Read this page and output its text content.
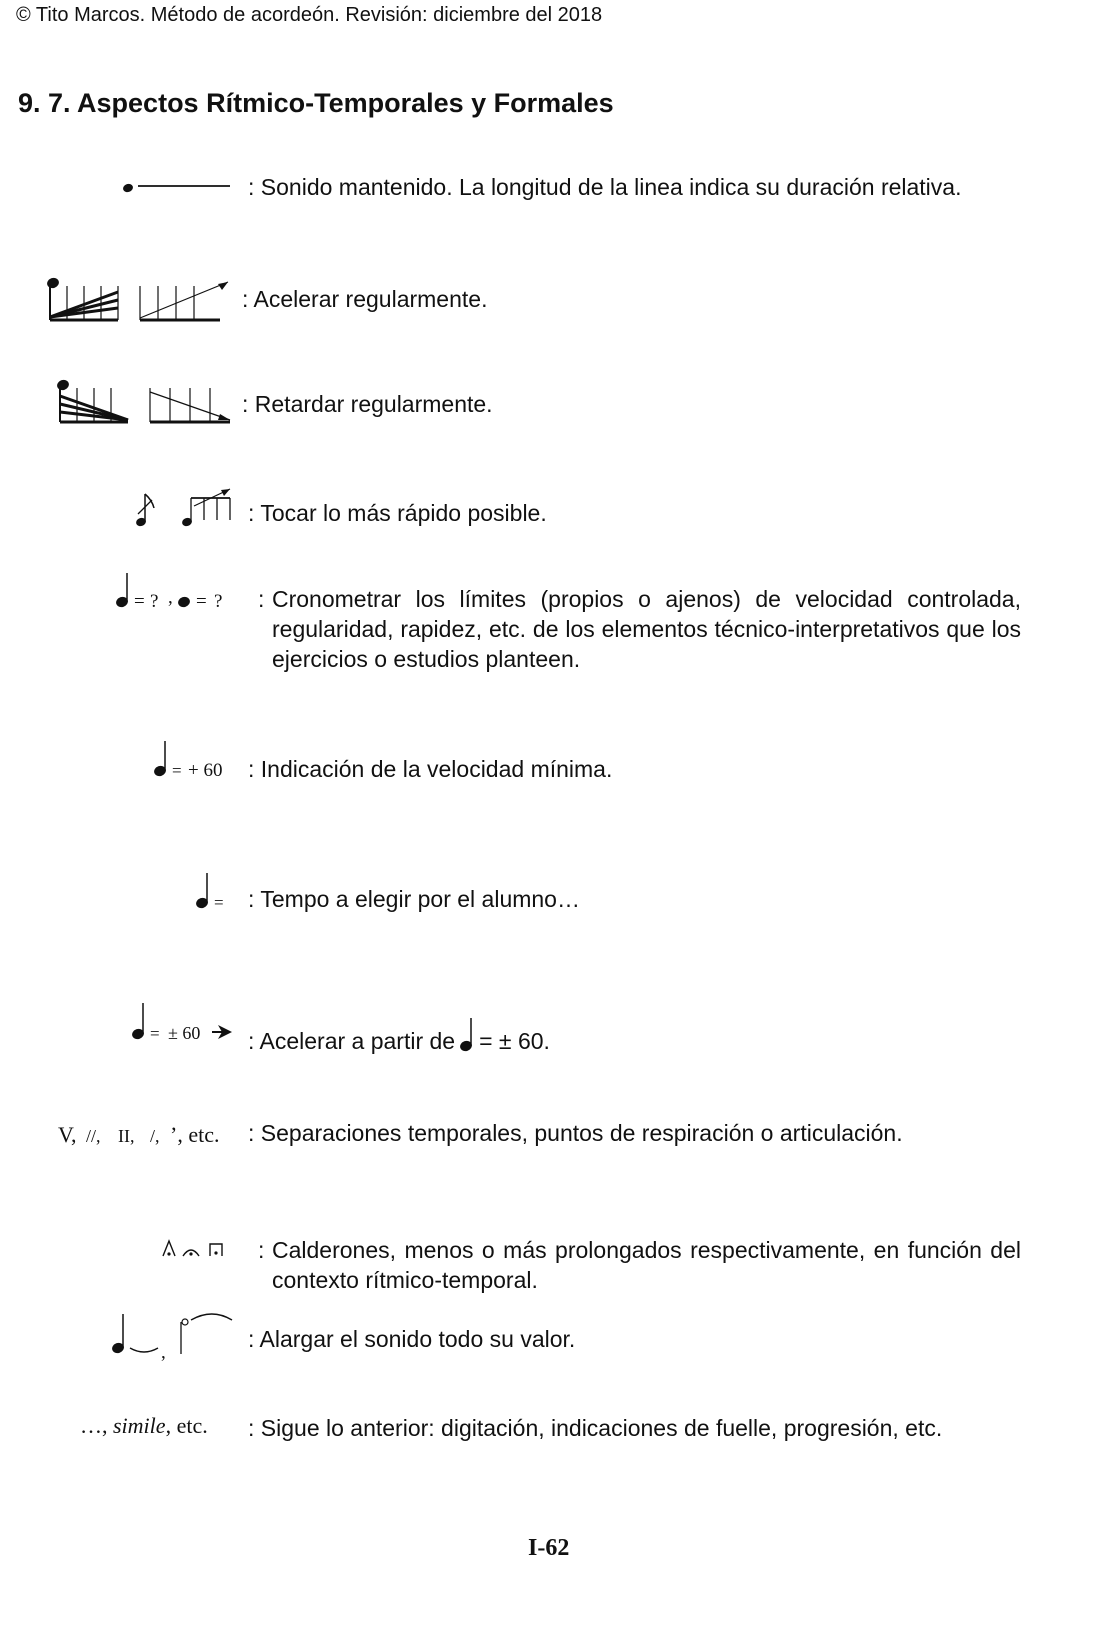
© Tito Marcos. Método de acordeón. Revisión: diciembre del 2018
9. 7. Aspectos Rítmico-Temporales y Formales
: Sonido mantenido. La longitud de la linea indica su duración relativa.
: Acelerar regularmente.
: Retardar regularmente.
: Tocar lo más rápido posible.
= ? , = ? : Cronometrar los límites (propios o ajenos) de velocidad controlada, regularidad, rapidez, etc. de los elementos técnico-interpretativos que los ejercicios o estudios planteen.
= + 60 : Indicación de la velocidad mínima.
= : Tempo a elegir por el alumno…
= ± 60 : Acelerar a partir de = ± 60.
V, //, II, /, ’, etc. : Separaciones temporales, puntos de respiración o articulación.
: Calderones, menos o más prolongados respectivamente, en función del contexto rítmico-temporal.
,
: Alargar el sonido todo su valor.
…, simile, etc. : Sigue lo anterior: digitación, indicaciones de fuelle, progresión, etc.
I-62
